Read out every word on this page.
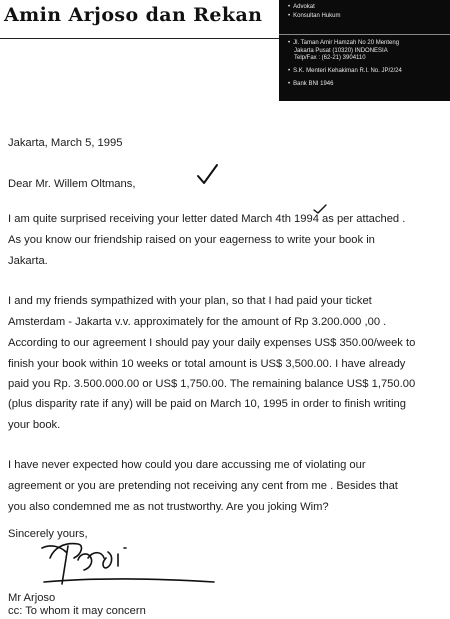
Amin Arjoso dan Rekan	• Advokat
• Konsultan Hukum
• Jl. Taman Amir Hamzah No 20 Menteng
Jakarta Pusat (10320) INDONESIA
Telp/Fax : (62-21) 3904110
• S.K. Menteri Kehakiman R.I. No. JP/2/24
• Bank BNI 1946
Jakarta, March 5, 1995
Dear Mr. Willem Oltmans,
I am quite surprised receiving your letter dated March 4th 1994 as per attached .
As you know our friendship raised on your eagerness to write your book in
Jakarta.
I and my friends sympathized with your plan, so that I had paid your ticket
Amsterdam - Jakarta v.v. approximately for the amount of Rp 3.200.000 ,00 .
According to our agreement I should pay your daily expenses US$ 350.00/week to
finish your book within 10 weeks or total amount is US$ 3,500.00. I have already
paid you Rp. 3.500.000.00 or US$ 1,750.00. The remaining balance US$ 1,750.00
(plus disparity rate if any) will be paid on March 10, 1995 in order to finish writing
your book.
I have never expected how could you dare accussing me of violating our
agreement or you are pretending not receiving any cent from me . Besides that
you also condemned me as not trustworthy. Are you joking Wim?
Sincerely yours,
Mr Arjoso
cc: To whom it may concern
